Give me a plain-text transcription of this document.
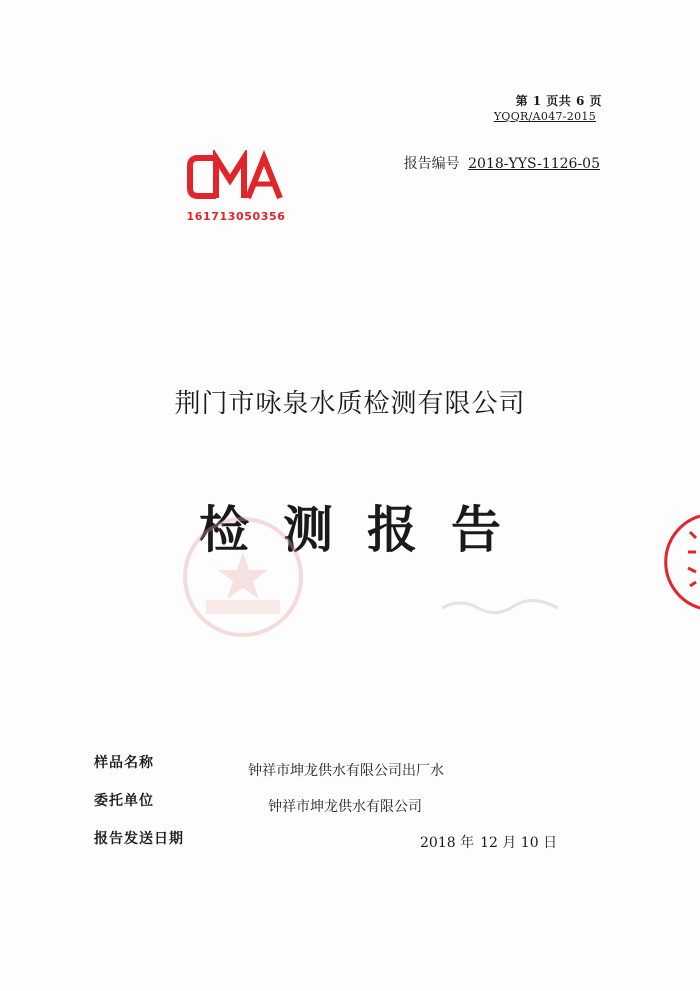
第 1 页共 6 页
YQQR/A047-2015
报告编号 2018-YYS-1126-05
161713050356
荆门市咏泉水质检测有限公司
检测报告
样品名称	钟祥市坤龙供水有限公司出厂水
委托单位	钟祥市坤龙供水有限公司
报告发送日期	2018 年 12 月 10 日
